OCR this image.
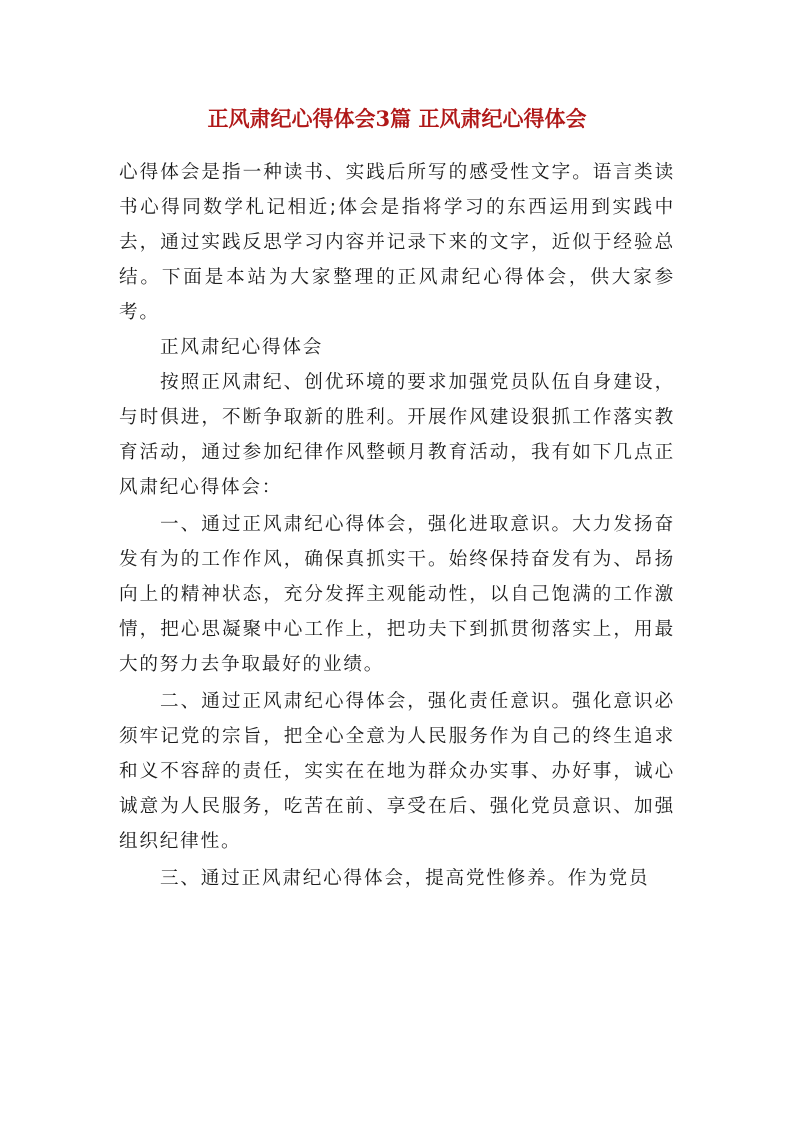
正风肃纪心得体会3篇 正风肃纪心得体会

心得体会是指一种读书、实践后所写的感受性文字。语言类读书心得同数学札记相近;体会是指将学习的东西运用到实践中去，通过实践反思学习内容并记录下来的文字，近似于经验总结。下面是本站为大家整理的正风肃纪心得体会，供大家参考。

正风肃纪心得体会

按照正风肃纪、创优环境的要求加强党员队伍自身建设，与时俱进，不断争取新的胜利。开展作风建设狠抓工作落实教育活动，通过参加纪律作风整顿月教育活动，我有如下几点正风肃纪心得体会：

一、通过正风肃纪心得体会，强化进取意识。大力发扬奋发有为的工作作风，确保真抓实干。始终保持奋发有为、昂扬向上的精神状态，充分发挥主观能动性，以自己饱满的工作激情，把心思凝聚中心工作上，把功夫下到抓贯彻落实上，用最大的努力去争取最好的业绩。

二、通过正风肃纪心得体会，强化责任意识。强化意识必须牢记党的宗旨，把全心全意为人民服务作为自己的终生追求和义不容辞的责任，实实在在地为群众办实事、办好事，诚心诚意为人民服务，吃苦在前、享受在后、强化党员意识、加强组织纪律性。

三、通过正风肃纪心得体会，提高党性修养。作为党员
